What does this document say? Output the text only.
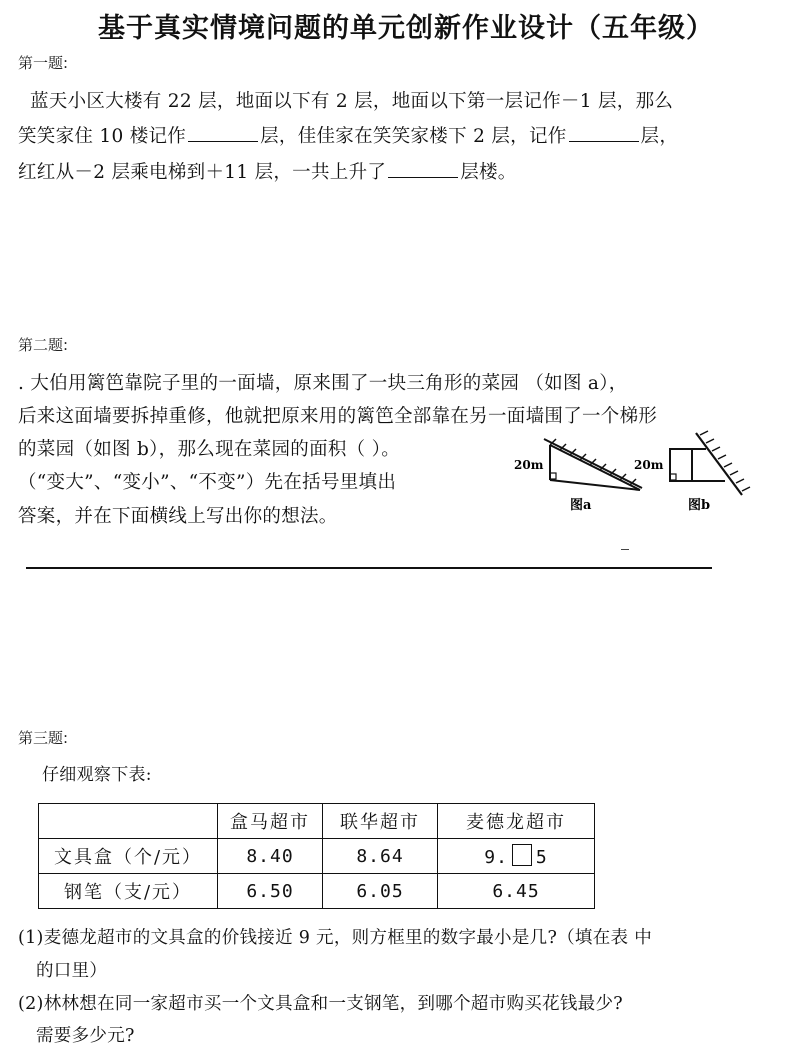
基于真实情境问题的单元创新作业设计（五年级）
第一题:
蓝天小区大楼有 22 层，地面以下有 2 层，地面以下第一层记作－1 层，那么
笑笑家住 10 楼记作	层，佳佳家在笑笑家楼下 2 层，记作	层，
红红从－2 层乘电梯到＋11 层，一共上升了	层楼。
第二题:
. 大伯用篱笆靠院子里的一面墙，原来围了一块三角形的菜园 （如图 a），
后来这面墙要拆掉重修，他就把原来用的篱笆全部靠在另一面墙围了一个梯形
的菜园（如图 b），那么现在菜园的面积（ ）。
（“变大”、“变小”、“不变”）先在括号里填出
答案，并在下面横线上写出你的想法。
20m
图a
20m
图b
第三题:
仔细观察下表:
	盒马超市	联华超市	麦德龙超市
文具盒（个/元）	8.40	8.64	9. 5
钢笔（支/元）	6.50	6.05	6.45
(1)麦德龙超市的文具盒的价钱接近 9 元，则方框里的数字最小是几?（填在表 中
的口里）
(2)林林想在同一家超市买一个文具盒和一支钢笔，到哪个超市购买花钱最少?
需要多少元?
